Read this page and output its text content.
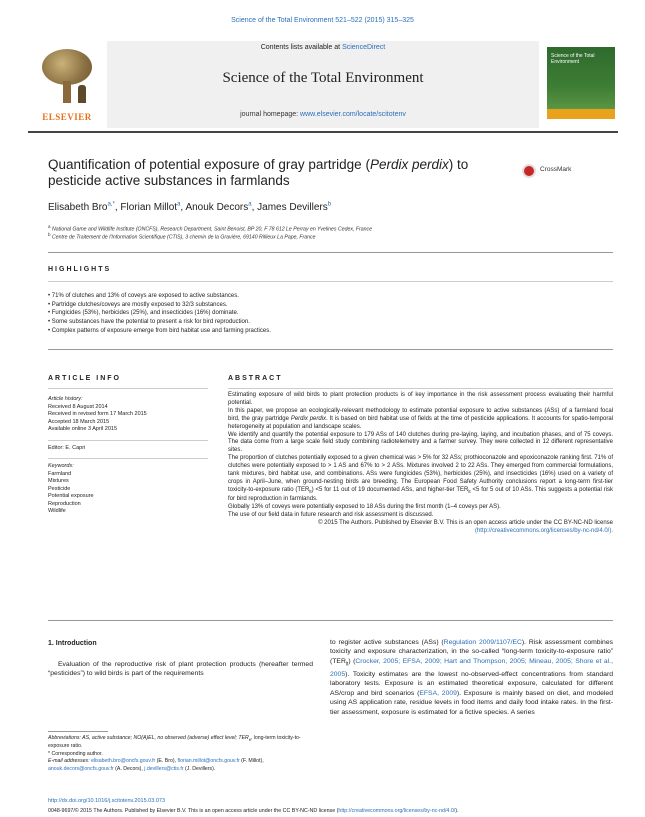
Science of the Total Environment 521–522 (2015) 315–325
ELSEVIER
Contents lists available at ScienceDirect
Science of the Total Environment
journal homepage: www.elsevier.com/locate/scitotenv
Science of the Total Environment
Quantification of potential exposure of gray partridge (Perdix perdix) to pesticide active substances in farmlands
CrossMark
Elisabeth Bro$^{a,*}$, Florian Millot$^a$, Anouk Decors$^a$, James Devillers$^b$
$^a$ National Game and Wildlife Institute (ONCFS), Research Department, Saint Benoist, BP 20, F 78 612 Le Perray en Yvelines Cedex, France
$^b$ Centre de Traitement de l'Information Scientifique (CTIS), 3 chemin de la Gravière, 69140 Rillieux La Pape, France
HIGHLIGHTS
• 71% of clutches and 13% of coveys are exposed to active substances.
• Partridge clutches/coveys are mostly exposed to 32/3 substances.
• Fungicides (53%), herbicides (25%), and insecticides (16%) dominate.
• Some substances have the potential to present a risk for bird reproduction.
• Complex patterns of exposure emerge from bird habitat use and farming practices.
ARTICLE INFO
Article history:
Received 8 August 2014
Received in revised form 17 March 2015
Accepted 18 March 2015
Available online 3 April 2015
Editor: E. Capri
Keywords:
Farmland
Mixtures
Pesticide
Potential exposure
Reproduction
Wildlife
ABSTRACT

Estimating exposure of wild birds to plant protection products is of key importance in the risk assessment process evaluating their harmful potential.

In this paper, we propose an ecologically-relevant methodology to estimate potential exposure to active substances (ASs) of a farmland focal bird, the gray partridge Perdix perdix. It is based on bird habitat use of fields at the time of pesticide applications. It accounts for spatio-temporal heterogeneity at population and landscape scales.

We identify and quantify the potential exposure to 179 ASs of 140 clutches during pre-laying, laying, and incubation phases, and of 75 coveys. The data come from a large scale field study combining radiotelemetry and a farmer survey. They were collected in 12 different representative sites.

The proportion of clutches potentially exposed to a given chemical was > 5% for 32 ASs; prothioconazole and epoxiconazole ranking first. 71% of clutches were potentially exposed to > 1 AS and 67% to > 2 ASs. Mixtures involved 2 to 22 ASs. They emerged from commercial formulations, tank mixtures, bird habitat use, and combinations. ASs were fungicides (53%), herbicides (25%), and insecticides (16%) used on a variety of crops in April–June, when ground-nesting birds are breeding. The European Food Safety Authority conclusions report a long-term first-tier toxicity-to-exposure ratio $(TER_{lt}) <5$ for 11 out of 19 documented ASs, and higher-tier $TER_{lt} <5$ for 5 out of 10 ASs. This suggests a potential risk for bird reproduction in farmlands.

Globally 13% of coveys were potentially exposed to 18 ASs during the first month (1–4 coveys per AS).

The use of our field data in future research and risk assessment is discussed.

© 2015 The Authors. Published by Elsevier B.V. This is an open access article under the CC BY-NC-ND license

(http://creativecommons.org/licenses/by-nc-nd/4.0/).

1. Introduction
Evaluation of the reproductive risk of plant protection products (hereafter termed “pesticides”) to wild birds is part of the requirements
to register active substances (ASs) (Regulation 2009/1107/EC). Risk assessment combines toxicity and exposure characterization, in the so-called “long-term toxicity-to-exposure ratio” $(TER_{lt})$ (Crocker, 2005; EFSA, 2009; Hart and Thompson, 2005; Mineau, 2005; Shore et al., 2005). Toxicity estimates are the lowest no-observed-effect concentrations from standard laboratory tests. Exposure is an estimated theoretical exposure, calculated for different AS/crop and bird scenarios (EFSA, 2009). Exposure is mainly based on diet, and modeled using AS application rate, residue levels in food items and daily food intake rates. In the first-tier assessment, exposure is estimated for a fictive species. A series
Abbreviations: AS, active substance; NO(A)EL, no observed (adverse) effect level; $TER_{lt}$, long-term toxicity-to-exposure ratio.
* Corresponding author.
E-mail addresses: elisabeth.bro@oncfs.gouv.fr (E. Bro), florian.millot@oncfs.gouv.fr (F. Millot), anouk.decors@oncfs.gouv.fr (A. Decors), j.devillers@ctis.fr (J. Devillers).
http://dx.doi.org/10.1016/j.scitotenv.2015.03.073
0048-9697/© 2015 The Authors. Published by Elsevier B.V. This is an open access article under the CC BY-NC-ND license (http://creativecommons.org/licenses/by-nc-nd/4.0/).
